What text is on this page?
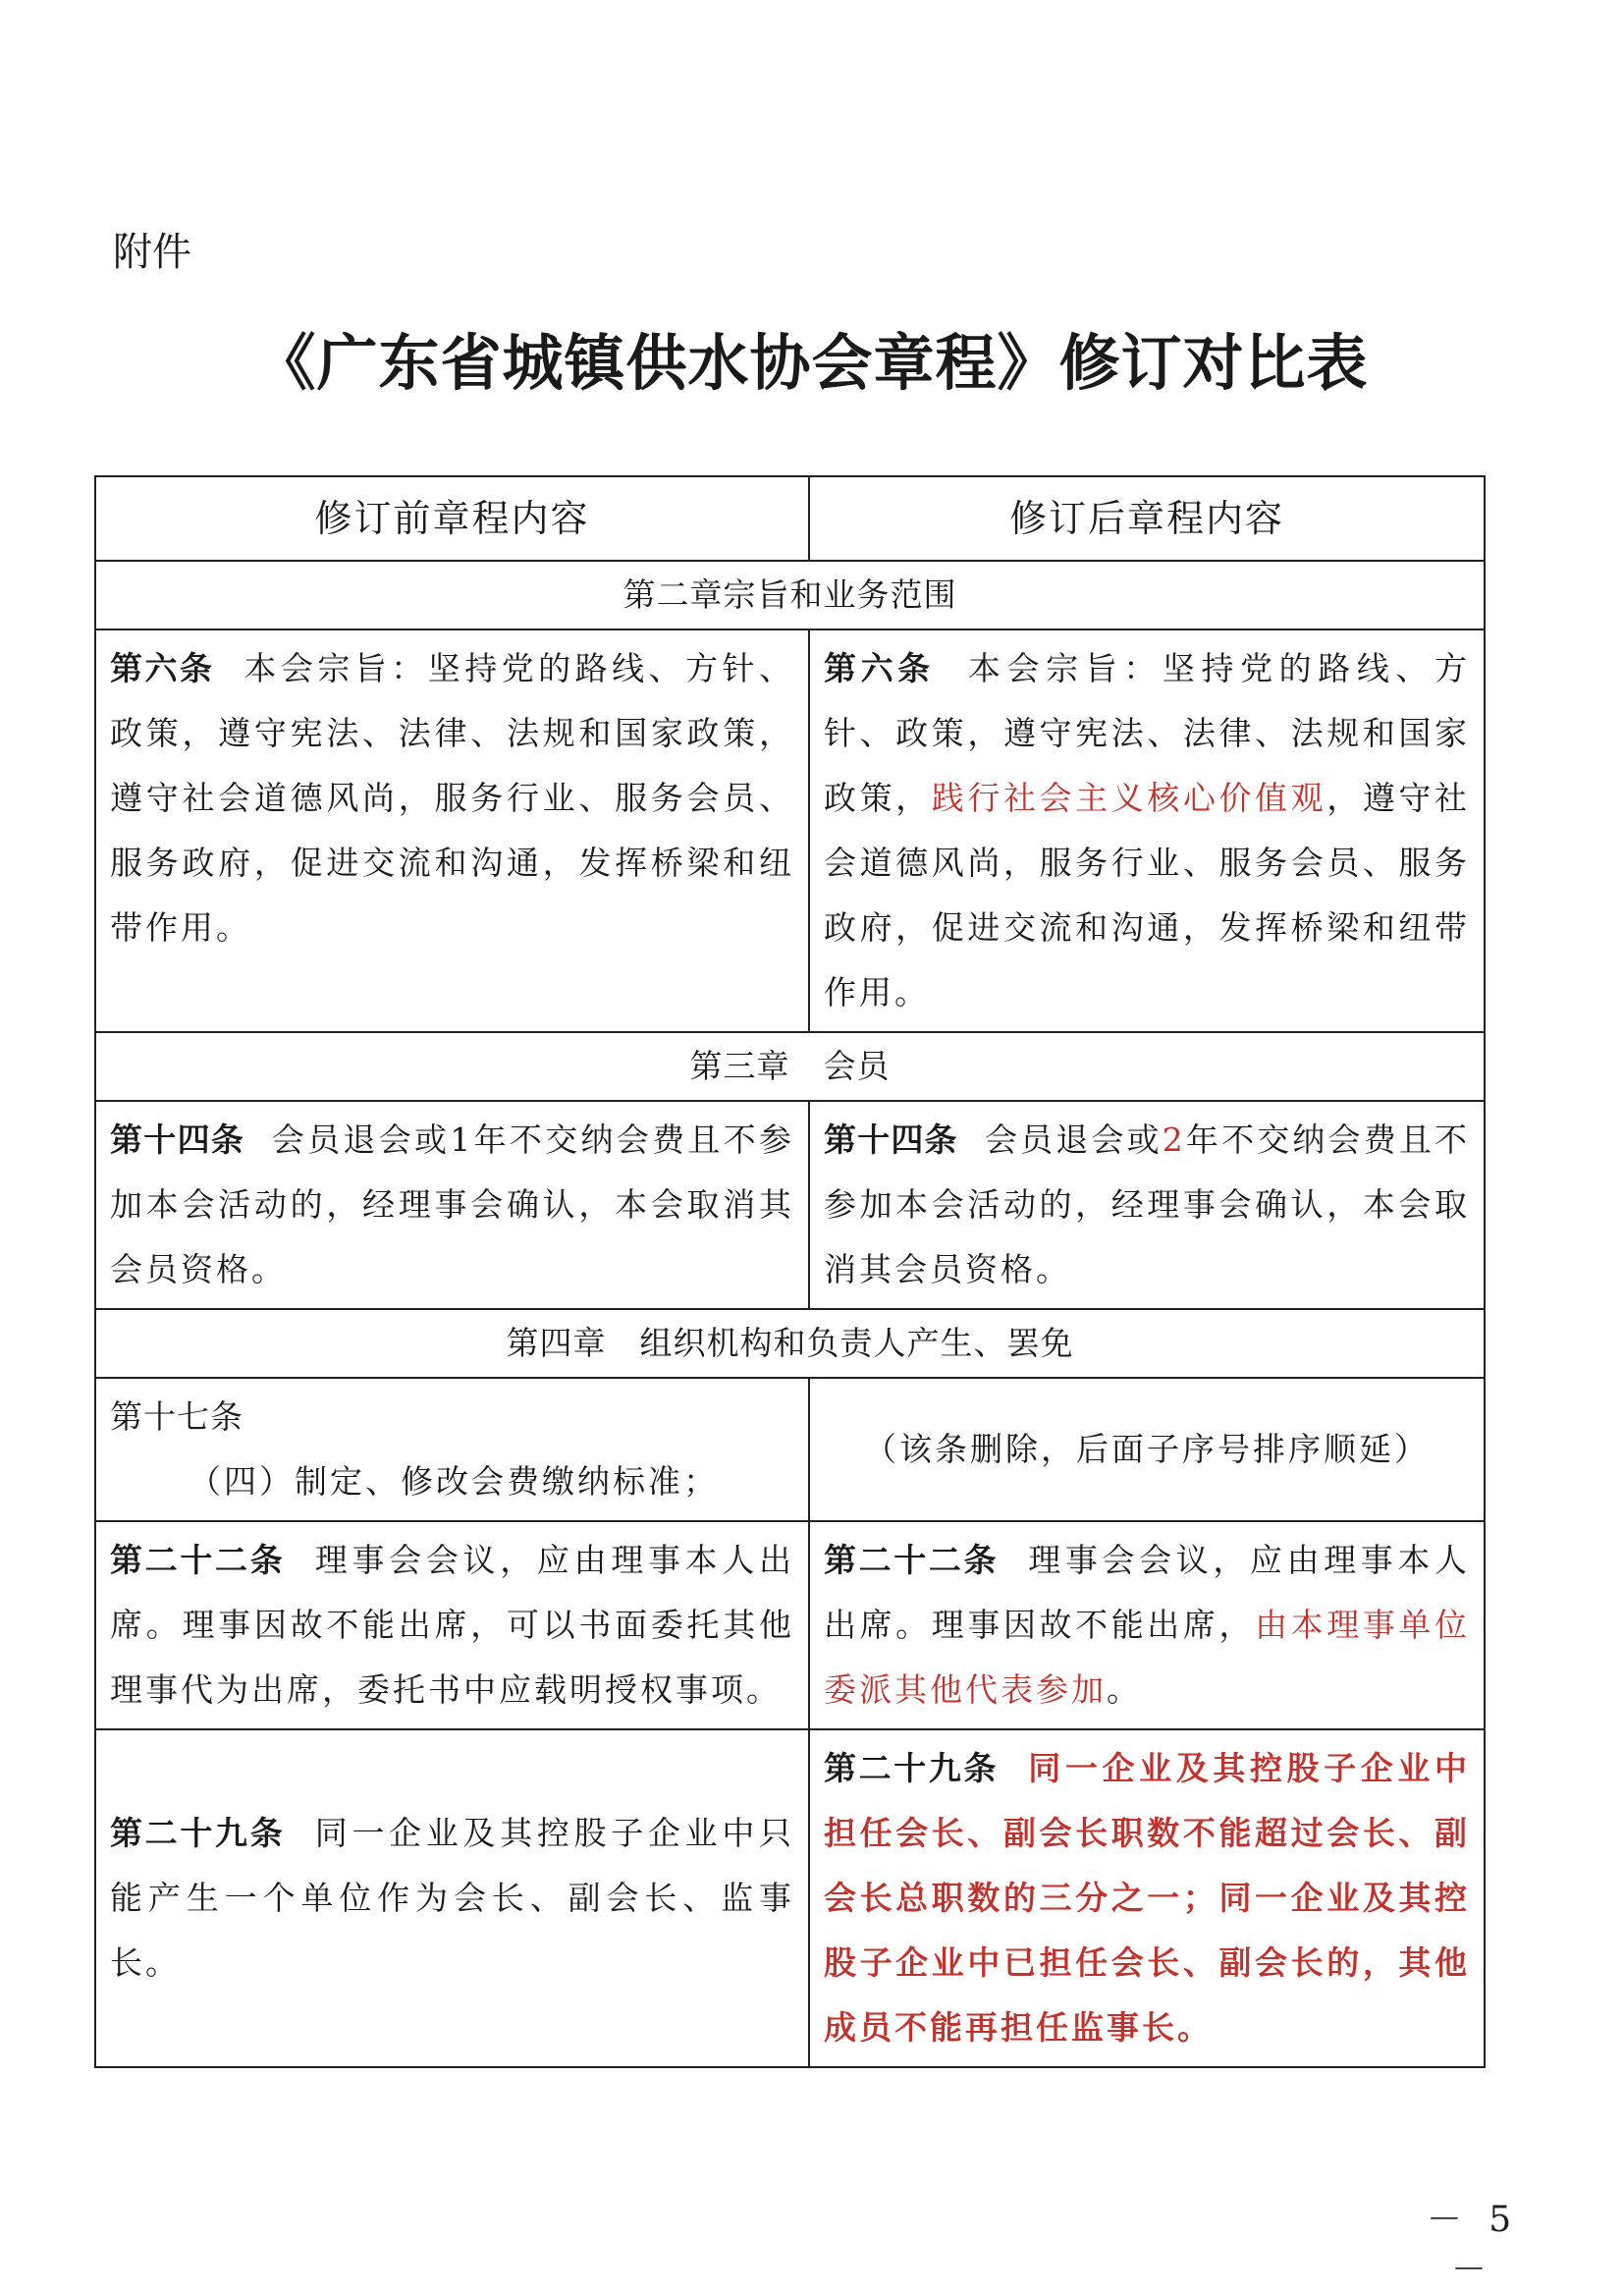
附件
《广东省城镇供水协会章程》修订对比表
修订前章程内容	修订后章程内容
第二章宗旨和业务范围	
第六条 本会宗旨：坚持党的路线、方针、政策，遵守宪法、法律、法规和国家政策，遵守社会道德风尚，服务行业、服务会员、服务政府，促进交流和沟通，发挥桥梁和纽带作用。	第六条 本会宗旨：坚持党的路线、方针、政策，遵守宪法、法律、法规和国家政策，践行社会主义核心价值观，遵守社会道德风尚，服务行业、服务会员、服务政府，促进交流和沟通，发挥桥梁和纽带作用。
第三章　会员	
第十四条 会员退会或1年不交纳会费且不参加本会活动的，经理事会确认，本会取消其会员资格。	第十四条 会员退会或2年不交纳会费且不参加本会活动的，经理事会确认，本会取消其会员资格。
第四章　组织机构和负责人产生、罢免	
第十七条
（四）制定、修改会费缴纳标准；	（该条删除，后面子序号排序顺延）
第二十二条 理事会会议，应由理事本人出席。理事因故不能出席，可以书面委托其他理事代为出席，委托书中应载明授权事项。	第二十二条 理事会会议，应由理事本人出席。理事因故不能出席，由本理事单位委派其他代表参加。
第二十九条 同一企业及其控股子企业中只能产生一个单位作为会长、副会长、监事长。	第二十九条 同一企业及其控股子企业中担任会长、副会长职数不能超过会长、副会长总职数的三分之一；同一企业及其控股子企业中已担任会长、副会长的，其他成员不能再担任监事长。
－ 5 －
